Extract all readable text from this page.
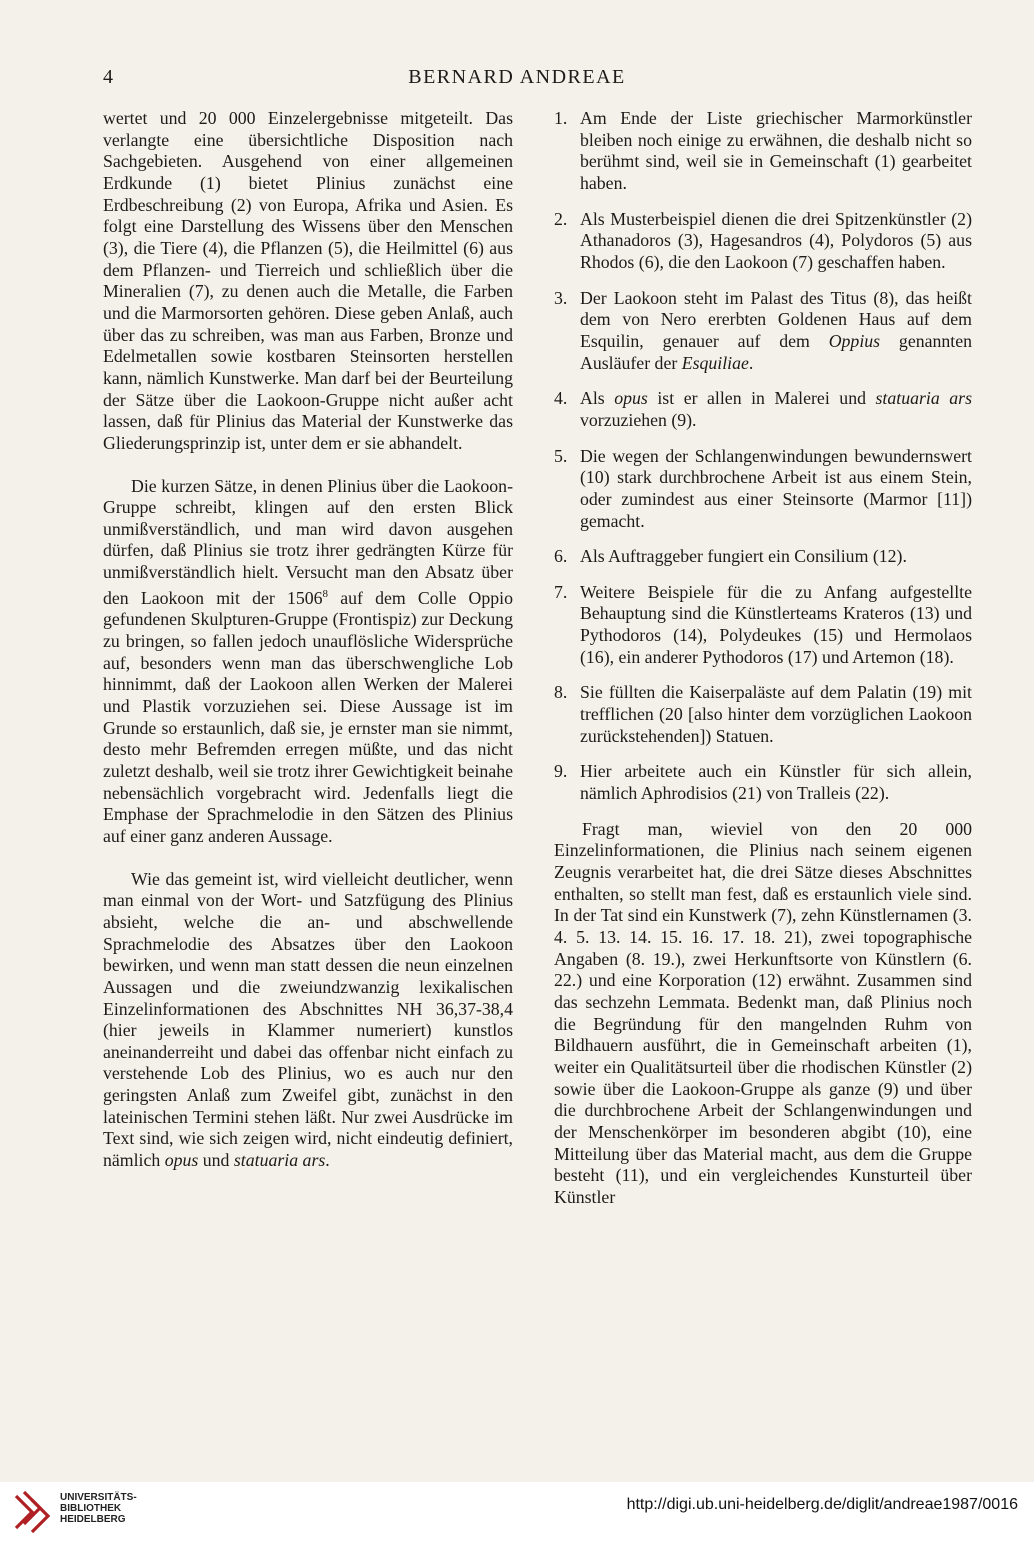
4	BERNARD ANDREAE

wertet und 20 000 Einzelergebnisse mitgeteilt. Das verlangte eine übersichtliche Disposition nach Sachgebieten. Ausgehend von einer allgemeinen Erdkunde (1) bietet Plinius zunächst eine Erdbeschreibung (2) von Europa, Afrika und Asien. Es folgt eine Darstellung des Wissens über den Menschen (3), die Tiere (4), die Pflanzen (5), die Heilmittel (6) aus dem Pflanzen- und Tierreich und schließlich über die Mineralien (7), zu denen auch die Metalle, die Farben und die Marmorsorten gehören. Diese geben Anlaß, auch über das zu schreiben, was man aus Farben, Bronze und Edelmetallen sowie kostbaren Steinsorten herstellen kann, nämlich Kunstwerke. Man darf bei der Beurteilung der Sätze über die Laokoon-Gruppe nicht außer acht lassen, daß für Plinius das Material der Kunstwerke das Gliederungsprinzip ist, unter dem er sie abhandelt.

Die kurzen Sätze, in denen Plinius über die Laokoon-Gruppe schreibt, klingen auf den ersten Blick unmißverständlich, und man wird davon ausgehen dürfen, daß Plinius sie trotz ihrer gedrängten Kürze für unmißverständlich hielt. Versucht man den Absatz über den Laokoon mit der 1506$^8$ auf dem Colle Oppio gefundenen Skulpturen-Gruppe (Frontispiz) zur Deckung zu bringen, so fallen jedoch unauflösliche Widersprüche auf, besonders wenn man das überschwengliche Lob hinnimmt, daß der Laokoon allen Werken der Malerei und Plastik vorzuziehen sei. Diese Aussage ist im Grunde so erstaunlich, daß sie, je ernster man sie nimmt, desto mehr Befremden erregen müßte, und das nicht zuletzt deshalb, weil sie trotz ihrer Gewichtigkeit beinahe nebensächlich vorgebracht wird. Jedenfalls liegt die Emphase der Sprachmelodie in den Sätzen des Plinius auf einer ganz anderen Aussage.

Wie das gemeint ist, wird vielleicht deutlicher, wenn man einmal von der Wort- und Satzfügung des Plinius absieht, welche die an- und abschwellende Sprachmelodie des Absatzes über den Laokoon bewirken, und wenn man statt dessen die neun einzelnen Aussagen und die zweiundzwanzig lexikalischen Einzelinformationen des Abschnittes NH 36,37-38,4 (hier jeweils in Klammer numeriert) kunstlos aneinanderreiht und dabei das offenbar nicht einfach zu verstehende Lob des Plinius, wo es auch nur den geringsten Anlaß zum Zweifel gibt, zunächst in den lateinischen Termini stehen läßt. Nur zwei Ausdrücke im Text sind, wie sich zeigen wird, nicht eindeutig definiert, nämlich opus und statuaria ars.

1. Am Ende der Liste griechischer Marmorkünstler bleiben noch einige zu erwähnen, die deshalb nicht so berühmt sind, weil sie in Gemeinschaft (1) gearbeitet haben.
2. Als Musterbeispiel dienen die drei Spitzenkünstler (2) Athanadoros (3), Hagesandros (4), Polydoros (5) aus Rhodos (6), die den Laokoon (7) geschaffen haben.
3. Der Laokoon steht im Palast des Titus (8), das heißt dem von Nero ererbten Goldenen Haus auf dem Esquilin, genauer auf dem Oppius genannten Ausläufer der Esquiliae.
4. Als opus ist er allen in Malerei und statuaria ars vorzuziehen (9).
5. Die wegen der Schlangenwindungen bewundernswert (10) stark durchbrochene Arbeit ist aus einem Stein, oder zumindest aus einer Steinsorte (Marmor [11]) gemacht.
6. Als Auftraggeber fungiert ein Consilium (12).
7. Weitere Beispiele für die zu Anfang aufgestellte Behauptung sind die Künstlerteams Krateros (13) und Pythodoros (14), Polydeukes (15) und Hermolaos (16), ein anderer Pythodoros (17) und Artemon (18).
8. Sie füllten die Kaiserpaläste auf dem Palatin (19) mit trefflichen (20 [also hinter dem vorzüglichen Laokoon zurückstehenden]) Statuen.
9. Hier arbeitete auch ein Künstler für sich allein, nämlich Aphrodisios (21) von Tralleis (22).

Fragt man, wieviel von den 20 000 Einzelinformationen, die Plinius nach seinem eigenen Zeugnis verarbeitet hat, die drei Sätze dieses Abschnittes enthalten, so stellt man fest, daß es erstaunlich viele sind. In der Tat sind ein Kunstwerk (7), zehn Künstlernamen (3. 4. 5. 13. 14. 15. 16. 17. 18. 21), zwei topographische Angaben (8. 19.), zwei Herkunftsorte von Künstlern (6. 22.) und eine Korporation (12) erwähnt. Zusammen sind das sechzehn Lemmata. Bedenkt man, daß Plinius noch die Begründung für den mangelnden Ruhm von Bildhauern ausführt, die in Gemeinschaft arbeiten (1), weiter ein Qualitätsurteil über die rhodischen Künstler (2) sowie über die Laokoon-Gruppe als ganze (9) und über die durchbrochene Arbeit der Schlangenwindungen und der Menschenkörper im besonderen abgibt (10), eine Mitteilung über das Material macht, aus dem die Gruppe besteht (11), und ein vergleichendes Kunsturteil über Künstler

UNIVERSITÄTS-
BIBLIOTHEK
HEIDELBERG
http://digi.ub.uni-heidelberg.de/diglit/andreae1987/0016
